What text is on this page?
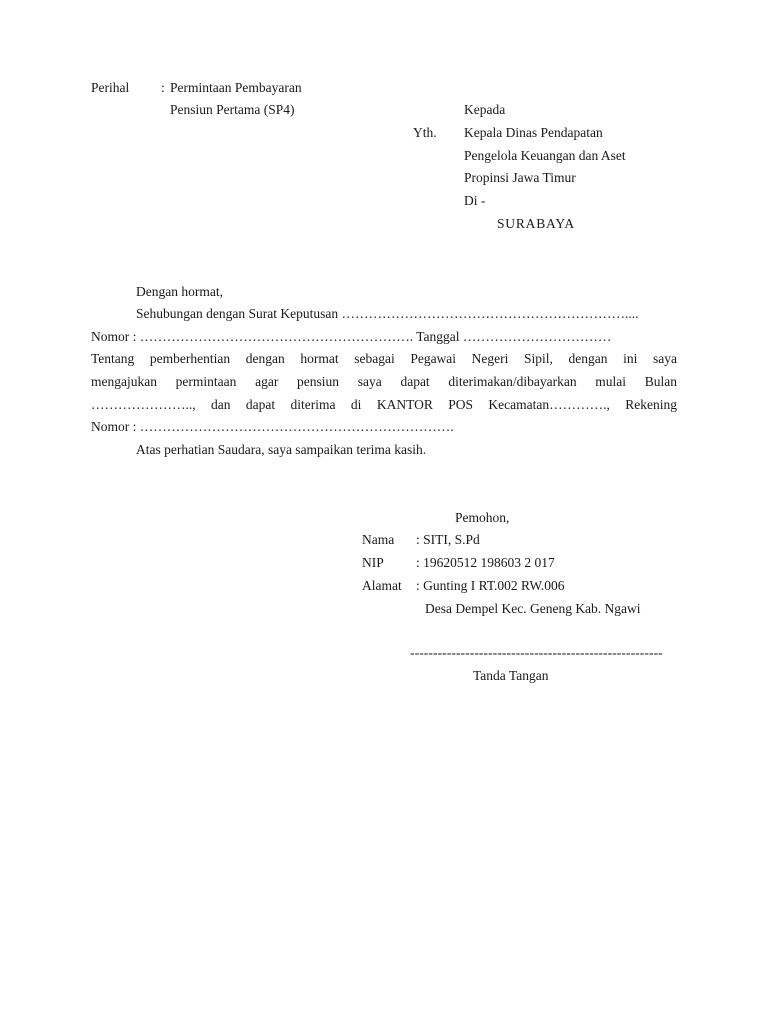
Perihal : Permintaan Pembayaran
Pensiun Pertama (SP4)	Kepada
Yth. Kepala Dinas Pendapatan
Pengelola Keuangan dan Aset
Propinsi Jawa Timur
Di -
SURABAYA
Dengan hormat,
Sehubungan dengan Surat Keputusan ………………………………………………………....
Nomor : ……………………………………………………. Tanggal ……………………………
Tentang pemberhentian dengan hormat sebagai Pegawai Negeri Sipil, dengan ini saya
mengajukan permintaan agar pensiun saya dapat diterimakan/dibayarkan mulai Bulan
………………….., dan dapat diterima di KANTOR POS Kecamatan…………., Rekening
Nomor : …………………………………………………………….
Atas perhatian Saudara, saya sampaikan terima kasih.
Pemohon,
Nama : SITI, S.Pd
NIP : 19620512 198603 2 017
Alamat : Gunting I RT.002 RW.006
Desa Dempel Kec. Geneng Kab. Ngawi
-------------------------------------------------------
Tanda Tangan
